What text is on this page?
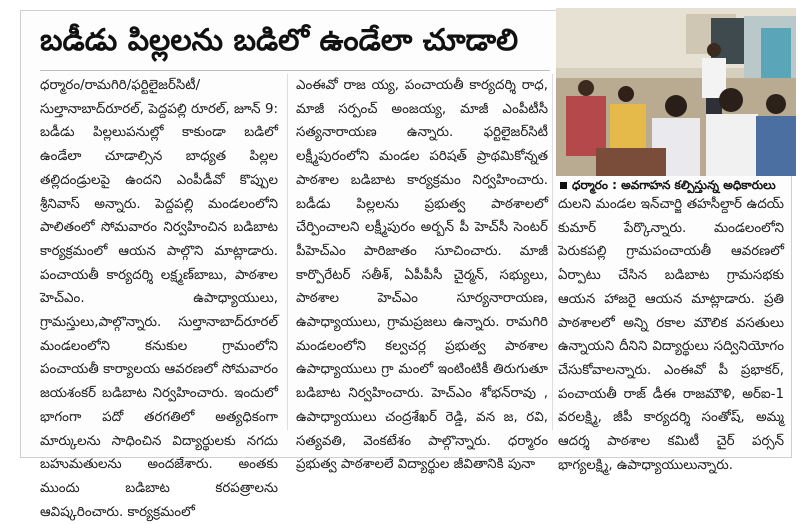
బడీడు పిల్లలను బడిలో ఉండేలా చూడాలి

ధర్మారం/రామగిరి/ఫర్టిలైజర్‌సిటీ/సుల్తానాబాద్‌రూరల్‌, పెద్దపల్లి రూరల్‌, జూన్‌ 9: బడీడు పిల్లలుపనుల్లో కాకుండా బడిలో ఉండేలా చూడాల్సిన బాధ్యత పిల్లల తల్లిదండ్రులపై ఉందని ఎంపీడీవో కొప్పుల శ్రీనివాస్‌ అన్నారు. పెద్దపల్లి మండలంలోని పాలితంలో సోమవారం నిర్వహించిన బడిబాట కార్యక్రమంలో ఆయన పాల్గొని మాట్లాడారు. పంచాయతీ కార్యదర్శి లక్ష్మణ్‌బాబు, పాఠశాల హెచ్‌ఎం. ఉపాధ్యాయులు, గ్రామస్తులు,పాల్గొన్నారు. సుల్తానాబాద్‌రూరల్‌ మండలంలోని కనుకుల గ్రామంలోని పంచాయతీ కార్యాలయ ఆవరణలో సోమవారం జయశంకర్‌ బడిబాట నిర్వహించారు. ఇందులో భాగంగా పదో తరగతిలో అత్యధికంగా మార్కులను సాధించిన విద్యార్థులకు నగదు బహుమతులను అందజేశారు. అంతకు ముందు బడిబాట కరపత్రాలను ఆవిష్కరించారు. కార్యక్రమంలో

ఎంఈవో రాజ య్య, పంచాయతీ కార్యదర్శి రాధ, మాజీ సర్పంచ్‌ అంజయ్య, మాజీ ఎంపీటీసీ సత్యనారాయణ ఉన్నారు. ఫర్టిలైజర్‌సిటీ లక్ష్మీపురంలోని మండల పరిషత్‌ ప్రాథమికోన్నత పాఠశాల బడిబాట కార్యక్రమం నిర్వహించారు. బడీడు పిల్లలను ప్రభుత్వ పాఠశాలలో చేర్పించాలని లక్ష్మీపురం అర్బన్‌ పీ హెచ్‌సీ సెంటర్‌ పీహెచ్‌ఎం పారిజాతం సూచించారు. మాజీ కార్పొరేటర్‌ సతీశ్‌, ఏపీపీసీ చైర్మన్‌, సభ్యులు, పాఠశాల హెచ్‌ఎం సూర్యనారాయణ, ఉపాధ్యాయులు, గ్రామప్రజలు ఉన్నారు. రామగిరి మండలంలోని కల్వచర్ల ప్రభుత్వ పాఠశాల ఉపాధ్యాయులు గ్రా మంలో ఇంటింటికీ తిరుగుతూ బడిబాట నిర్వహించారు. హెచ్‌ఎం శోభన్‌రావు , ఉపాధ్యాయులు చంద్రశేఖర్‌ రెడ్డి, వన జ, రవి, సత్యవతి, వెంకటేశం పాల్గొన్నారు. ధర్మారం ప్రభుత్వ పాఠశాలలే విద్యార్థుల జీవితానికి పునా

ధర్మారం : అవగాహన కల్పిస్తున్న అధికారులు

దులని మండల ఇన్‌చార్జి తహసీల్దార్‌ ఉదయ్‌ కుమార్‌ పేర్కొన్నారు. మండలంలోని పెరుకపల్లి గ్రామపంచాయతీ ఆవరణలో ఏర్పాటు చేసిన బడిబాట గ్రామసభకు ఆయన హాజరై ఆయన మాట్లాడారు. ప్రతి పాఠశాలలో అన్ని రకాల మౌలిక వసతులు ఉన్నాయని దీనిని విద్యార్థులు సద్వినియోగం చేసుకోవాలన్నారు. ఎంఈవో పీ ప్రభాకర్‌, పంచాయతీ రాజ్‌ డీఈ రాజమౌళి, అర్‌ఐ-1 వరలక్ష్మి, జీపీ కార్యదర్శి సంతోష్‌, అమ్మ ఆదర్శ పాఠశాల కమిటీ చైర్‌ పర్సన్‌ భాగ్యలక్ష్మి, ఉపాధ్యాయులున్నారు.
